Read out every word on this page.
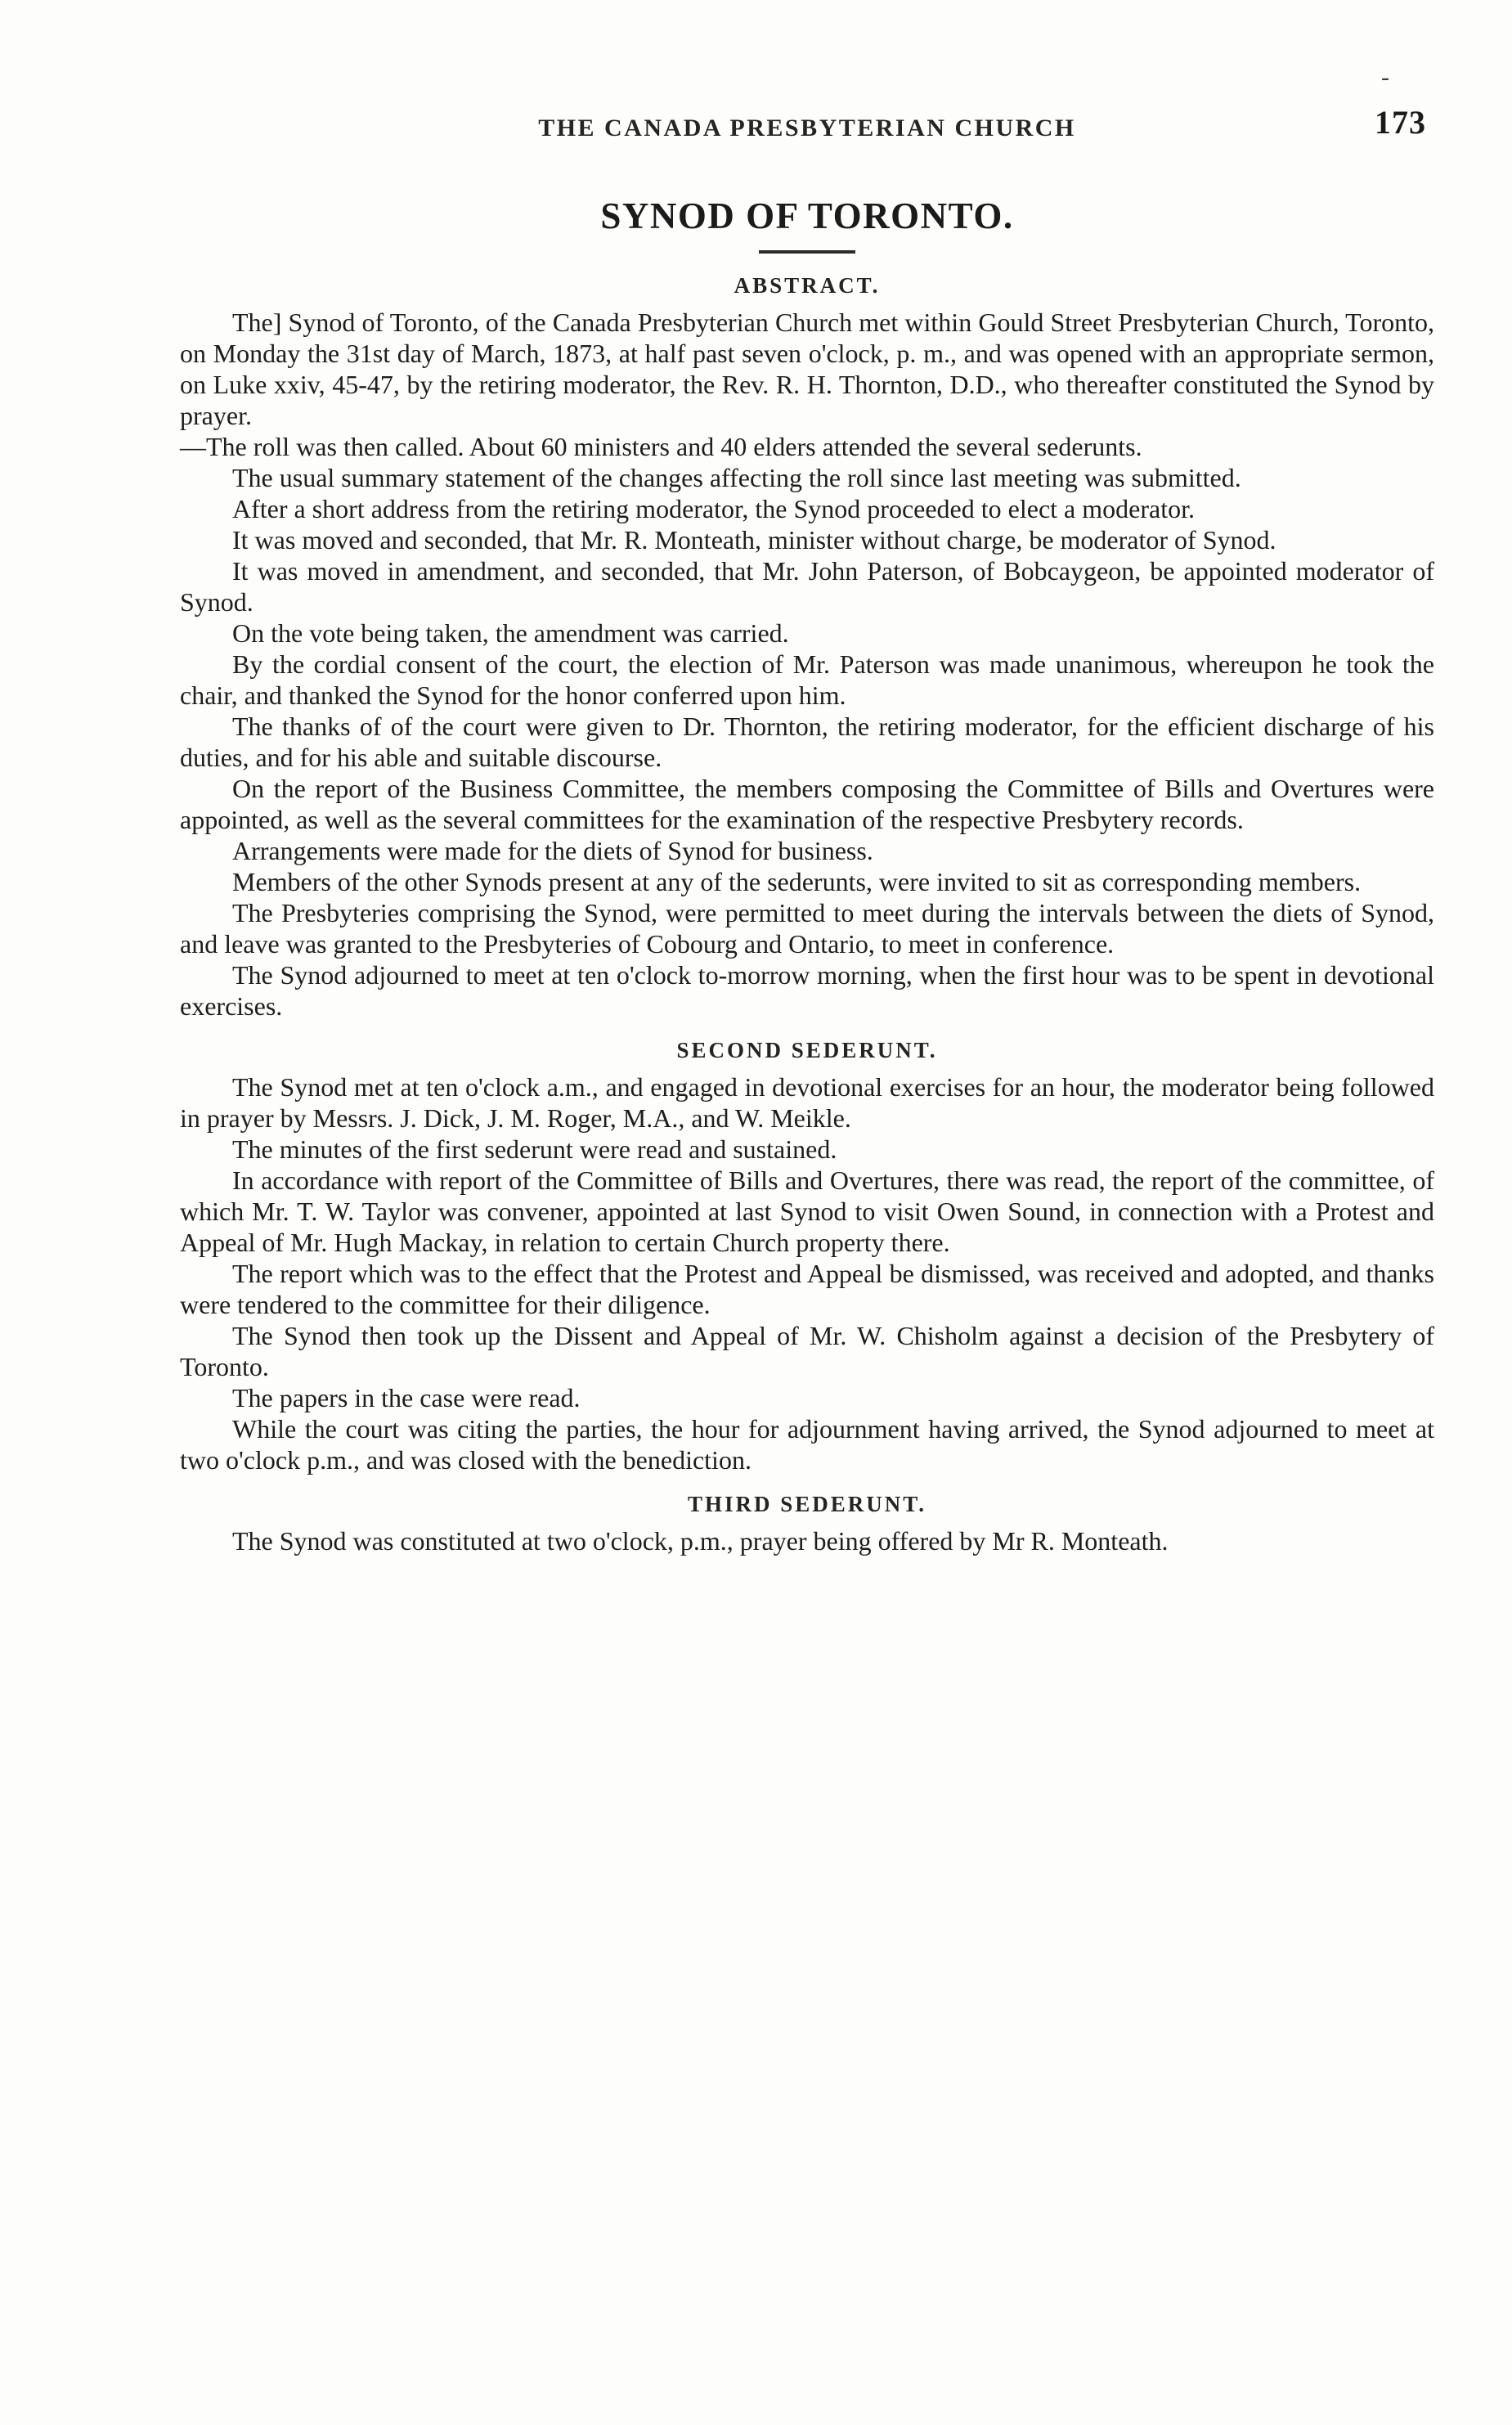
-
THE CANADA PRESBYTERIAN CHURCH	173
SYNOD OF TORONTO.
ABSTRACT.

The] Synod of Toronto, of the Canada Presbyterian Church met within Gould Street Presbyterian Church, Toronto, on Monday the 31st day of March, 1873, at half past seven o'clock, p. m., and was opened with an appropriate sermon, on Luke xxiv, 45-47, by the retiring moderator, the Rev. R. H. Thornton, D.D., who thereafter constituted the Synod by prayer.

—The roll was then called. About 60 ministers and 40 elders attended the several sederunts.

The usual summary statement of the changes affecting the roll since last meeting was submitted.

After a short address from the retiring moderator, the Synod proceeded to elect a moderator.

It was moved and seconded, that Mr. R. Monteath, minister without charge, be moderator of Synod.

It was moved in amendment, and seconded, that Mr. John Paterson, of Bobcaygeon, be appointed moderator of Synod.

On the vote being taken, the amendment was carried.

By the cordial consent of the court, the election of Mr. Paterson was made unanimous, whereupon he took the chair, and thanked the Synod for the honor conferred upon him.

The thanks of of the court were given to Dr. Thornton, the retiring moderator, for the efficient discharge of his duties, and for his able and suitable discourse.

On the report of the Business Committee, the members composing the Committee of Bills and Overtures were appointed, as well as the several committees for the examination of the respective Presbytery records.

Arrangements were made for the diets of Synod for business.

Members of the other Synods present at any of the sederunts, were invited to sit as corresponding members.

The Presbyteries comprising the Synod, were permitted to meet during the intervals between the diets of Synod, and leave was granted to the Presbyteries of Cobourg and Ontario, to meet in conference.

The Synod adjourned to meet at ten o'clock to-morrow morning, when the first hour was to be spent in devotional exercises.

SECOND SEDERUNT.

The Synod met at ten o'clock a.m., and engaged in devotional exercises for an hour, the moderator being followed in prayer by Messrs. J. Dick, J. M. Roger, M.A., and W. Meikle.

The minutes of the first sederunt were read and sustained.

In accordance with report of the Committee of Bills and Overtures, there was read, the report of the committee, of which Mr. T. W. Taylor was convener, appointed at last Synod to visit Owen Sound, in connection with a Protest and Appeal of Mr. Hugh Mackay, in relation to certain Church property there.

The report which was to the effect that the Protest and Appeal be dismissed, was received and adopted, and thanks were tendered to the committee for their diligence.

The Synod then took up the Dissent and Appeal of Mr. W. Chisholm against a decision of the Presbytery of Toronto.

The papers in the case were read.

While the court was citing the parties, the hour for adjournment having arrived, the Synod adjourned to meet at two o'clock p.m., and was closed with the benediction.

THIRD SEDERUNT.

The Synod was constituted at two o'clock, p.m., prayer being offered by Mr R. Monteath.
